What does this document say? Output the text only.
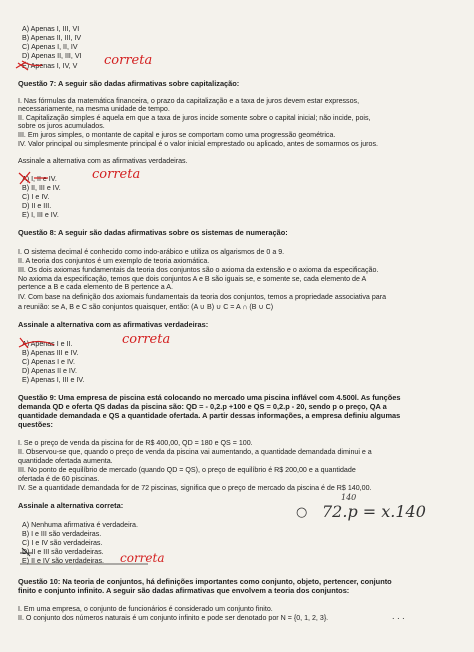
A) Apenas I, III, VI
B) Apenas II, III, IV
C) Apenas I, II, IV
D) Apenas II, III, VI
E) Apenas I, IV, V correta
Questão 7: A seguir são dadas afirmativas sobre capitalização:
I. Nas fórmulas da matemática financeira, o prazo da capitalização e a taxa de juros devem estar expressos,
necessariamente, na mesma unidade de tempo.
II. Capitalização simples é aquela em que a taxa de juros incide somente sobre o capital inicial; não incide, pois,
sobre os juros acumulados.
III. Em juros simples, o montante de capital e juros se comportam como uma progressão geométrica.
IV. Valor principal ou simplesmente principal é o valor inicial emprestado ou aplicado, antes de somarmos os juros.
Assinale a alternativa com as afirmativas verdadeiras.
A) I, II e IV.
B) II, III e IV.
C) I e IV.
D) II e III.
E) I, III e IV.
correta
Questão 8: A seguir são dadas afirmativas sobre os sistemas de numeração:
I. O sistema decimal é conhecido como indo-arábico e utiliza os algarismos de 0 a 9.
II. A teoria dos conjuntos é um exemplo de teoria axiomática.
III. Os dois axiomas fundamentais da teoria dos conjuntos são o axioma da extensão e o axioma da especificação.
No axioma da especificação, temos que dois conjuntos A e B são iguais se, e somente se, cada elemento de A
pertence a B e cada elemento de B pertence a A.
IV. Com base na definição dos axiomais fundamentais da teoria dos conjuntos, temos a propriedade associativa para
a reunião: se A, B e C são conjuntos quaisquer, então: (A ∪ B) ∪ C = A ∩ (B ∪ C)
Assinale a alternativa com as afirmativas verdadeiras:
A) Apenas I e II.
B) Apenas III e IV.
C) Apenas I e IV.
D) Apenas II e IV.
E) Apenas I, III e IV.
correta
Questão 9: Uma empresa de piscina está colocando no mercado uma piscina inflável com 4.500l. As funções
demanda QD e oferta QS dadas da piscina são: QD = - 0,2.p +100 e QS = 0,2.p - 20, sendo p o preço, QA a
quantidade demandada e QS a quantidade ofertada. A partir dessas informações, a empresa definiu algumas
questões:
I. Se o preço de venda da piscina for de R$ 400,00, QD = 180 e QS = 100.
II. Observou-se que, quando o preço de venda da piscina vai aumentando, a quantidade demandada diminui e a
quantidade ofertada aumenta.
III. No ponto de equilíbrio de mercado (quando QD = QS), o preço de equilíbrio é R$ 200,00 e a quantidade
ofertada é de 60 piscinas.
IV. Se a quantidade demandada for de 72 piscinas, significa que o preço de mercado da piscina é de R$ 140,00.
140
○ 72.p = x.140
Assinale a alternativa correta:
A) Nenhuma afirmativa é verdadeira.
B) I e III são verdadeiras.
C) I e IV são verdadeiras.
D) II e III são verdadeiras.
E) II e IV são verdadeiras. correta
Questão 10: Na teoria de conjuntos, há definições importantes como conjunto, objeto, pertencer, conjunto
finito e conjunto infinito. A seguir são dadas afirmativas que envolvem a teoria dos conjuntos:
I. Em uma empresa, o conjunto de funcionários é considerado um conjunto finito.
II. O conjunto dos números naturais é um conjunto infinito e pode ser denotado por N = {0, 1, 2, 3}.	. . .
